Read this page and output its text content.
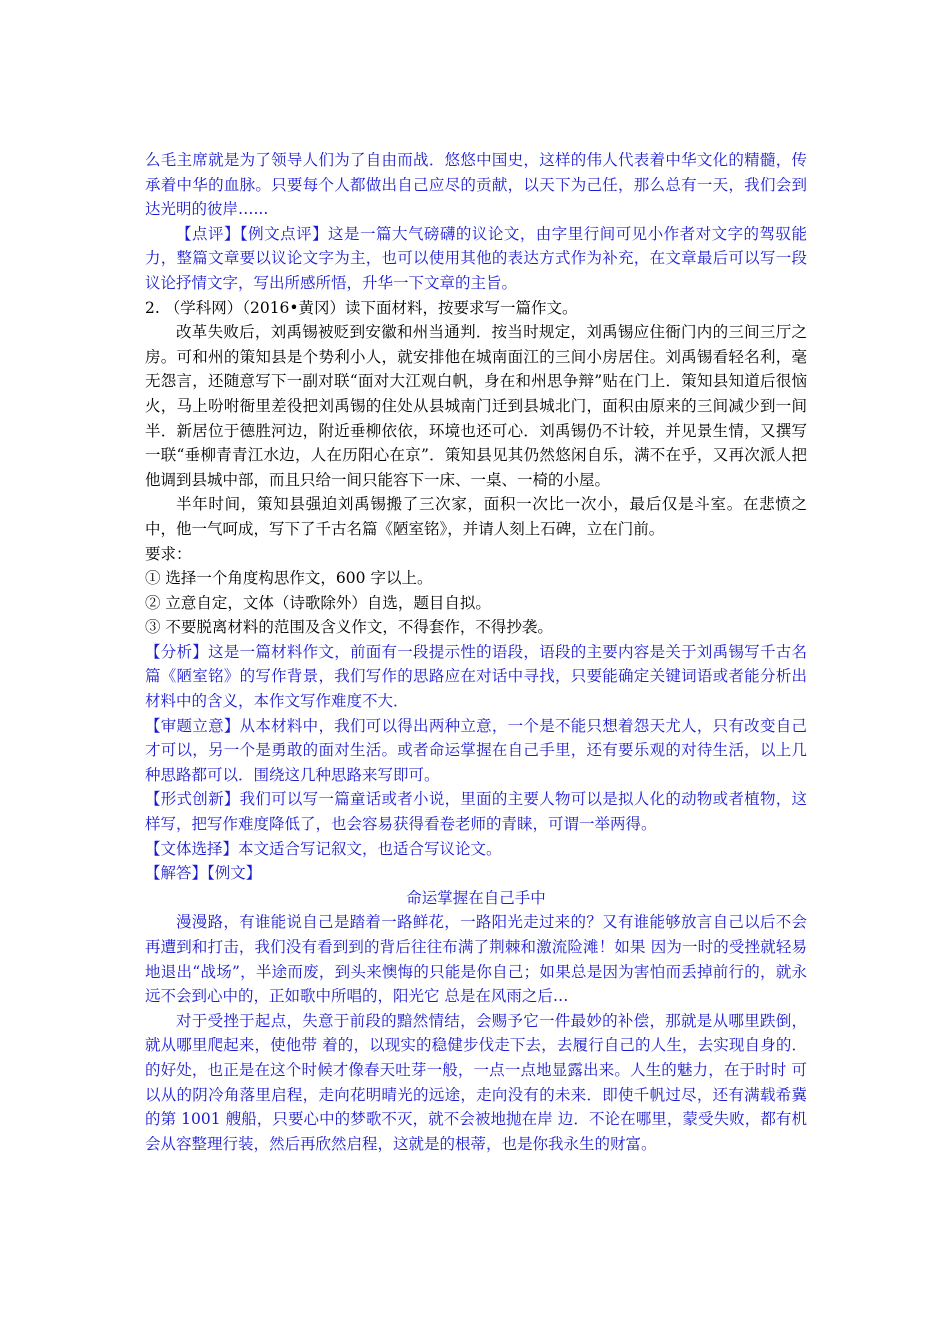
么毛主席就是为了领导人们为了自由而战．悠悠中国史，这样的伟人代表着中华文化的精髓，传承着中华的血脉。只要每个人都做出自己应尽的贡献，以天下为己任，那么总有一天，我们会到达光明的彼岸…...

【点评】【例文点评】这是一篇大气磅礴的议论文，由字里行间可见小作者对文字的驾驭能力，整篇文章要以议论文字为主，也可以使用其他的表达方式作为补充，在文章最后可以写一段议论抒情文字，写出所感所悟，升华一下文章的主旨。

2. （学科网）（2016•黄冈）读下面材料，按要求写一篇作文。

改革失败后，刘禹锡被贬到安徽和州当通判．按当时规定，刘禹锡应住衙门内的三间三厅之房。可和州的策知县是个势利小人，就安排他在城南面江的三间小房居住。刘禹锡看轻名利，毫无怨言，还随意写下一副对联“面对大江观白帆，身在和州思争辩”贴在门上．策知县知道后很恼火，马上吩咐衙里差役把刘禹锡的住处从县城南门迁到县城北门，面积由原来的三间减少到一间半．新居位于德胜河边，附近垂柳依依，环境也还可心．刘禹锡仍不计较，并见景生情，又撰写一联“垂柳青青江水边，人在历阳心在京”．策知县见其仍然悠闲自乐，满不在乎，又再次派人把他调到县城中部，而且只给一间只能容下一床、一桌、一椅的小屋。

半年时间，策知县强迫刘禹锡搬了三次家，面积一次比一次小，最后仅是斗室。在悲愤之中，他一气呵成，写下了千古名篇《陋室铭》，并请人刻上石碑，立在门前。

要求：

① 选择一个角度构思作文，600 字以上。

② 立意自定，文体（诗歌除外）自选，题目自拟。

③ 不要脱离材料的范围及含义作文，不得套作，不得抄袭。

【分析】这是一篇材料作文，前面有一段提示性的语段，语段的主要内容是关于刘禹锡写千古名篇《陋室铭》的写作背景，我们写作的思路应在对话中寻找，只要能确定关键词语或者能分析出材料中的含义，本作文写作难度不大．

【审题立意】从本材料中，我们可以得出两种立意，一个是不能只想着怨天尤人，只有改变自己才可以，另一个是勇敢的面对生活。或者命运掌握在自己手里，还有要乐观的对待生活，以上几种思路都可以．围绕这几种思路来写即可。

【形式创新】我们可以写一篇童话或者小说，里面的主要人物可以是拟人化的动物或者植物，这样写，把写作难度降低了，也会容易获得看卷老师的青睐，可谓一举两得。

【文体选择】本文适合写记叙文，也适合写议论文。

【解答】【例文】

命运掌握在自己手中

漫漫路，有谁能说自己是踏着一路鲜花，一路阳光走过来的？又有谁能够放言自己以后不会再遭到和打击，我们没有看到到的背后往往布满了荆棘和激流险滩！如果 因为一时的受挫就轻易地退出“战场”，半途而废，到头来懊悔的只能是你自己；如果总是因为害怕而丢掉前行的，就永远不会到心中的，正如歌中所唱的，阳光它 总是在风雨之后…

对于受挫于起点，失意于前段的黯然情结，会赐予它一件最妙的补偿，那就是从哪里跌倒，就从哪里爬起来，使他带 着的，以现实的稳健步伐走下去，去履行自己的人生，去实现自身的．的好处，也正是在这个时候才像春天吐芽一般，一点一点地显露出来。人生的魅力，在于时时 可以从的阴冷角落里启程，走向花明晴光的远途，走向没有的未来．即使千帆过尽，还有满载希冀的第 1001 艘船，只要心中的梦歌不灭，就不会被地抛在岸 边．不论在哪里，蒙受失败，都有机会从容整理行装，然后再欣然启程，这就是的根蒂，也是你我永生的财富。
